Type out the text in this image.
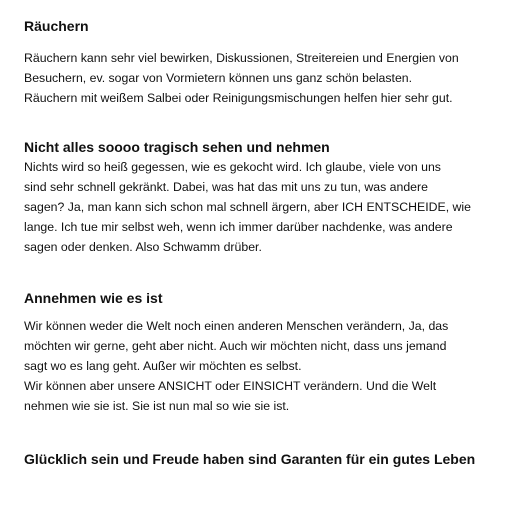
Räuchern

Räuchern kann sehr viel bewirken, Diskussionen, Streitereien und Energien von
Besuchern, ev. sogar von Vormietern können uns ganz schön belasten.
Räuchern mit weißem Salbei oder Reinigungsmischungen helfen hier sehr gut.

Nicht alles soooo tragisch sehen und nehmen

Nichts wird so heiß gegessen, wie es gekocht wird. Ich glaube, viele von uns
sind sehr schnell gekränkt. Dabei, was hat das mit uns zu tun, was andere
sagen? Ja, man kann sich schon mal schnell ärgern, aber ICH ENTSCHEIDE, wie
lange. Ich tue mir selbst weh, wenn ich immer darüber nachdenke, was andere
sagen oder denken. Also Schwamm drüber.

Annehmen wie es ist

Wir können weder die Welt noch einen anderen Menschen verändern, Ja, das
möchten wir gerne, geht aber nicht. Auch wir möchten nicht, dass uns jemand
sagt wo es lang geht. Außer wir möchten es selbst.
Wir können aber unsere ANSICHT oder EINSICHT verändern. Und die Welt
nehmen wie sie ist. Sie ist nun mal so wie sie ist.

Glücklich sein und Freude haben sind Garanten für ein gutes Leben
